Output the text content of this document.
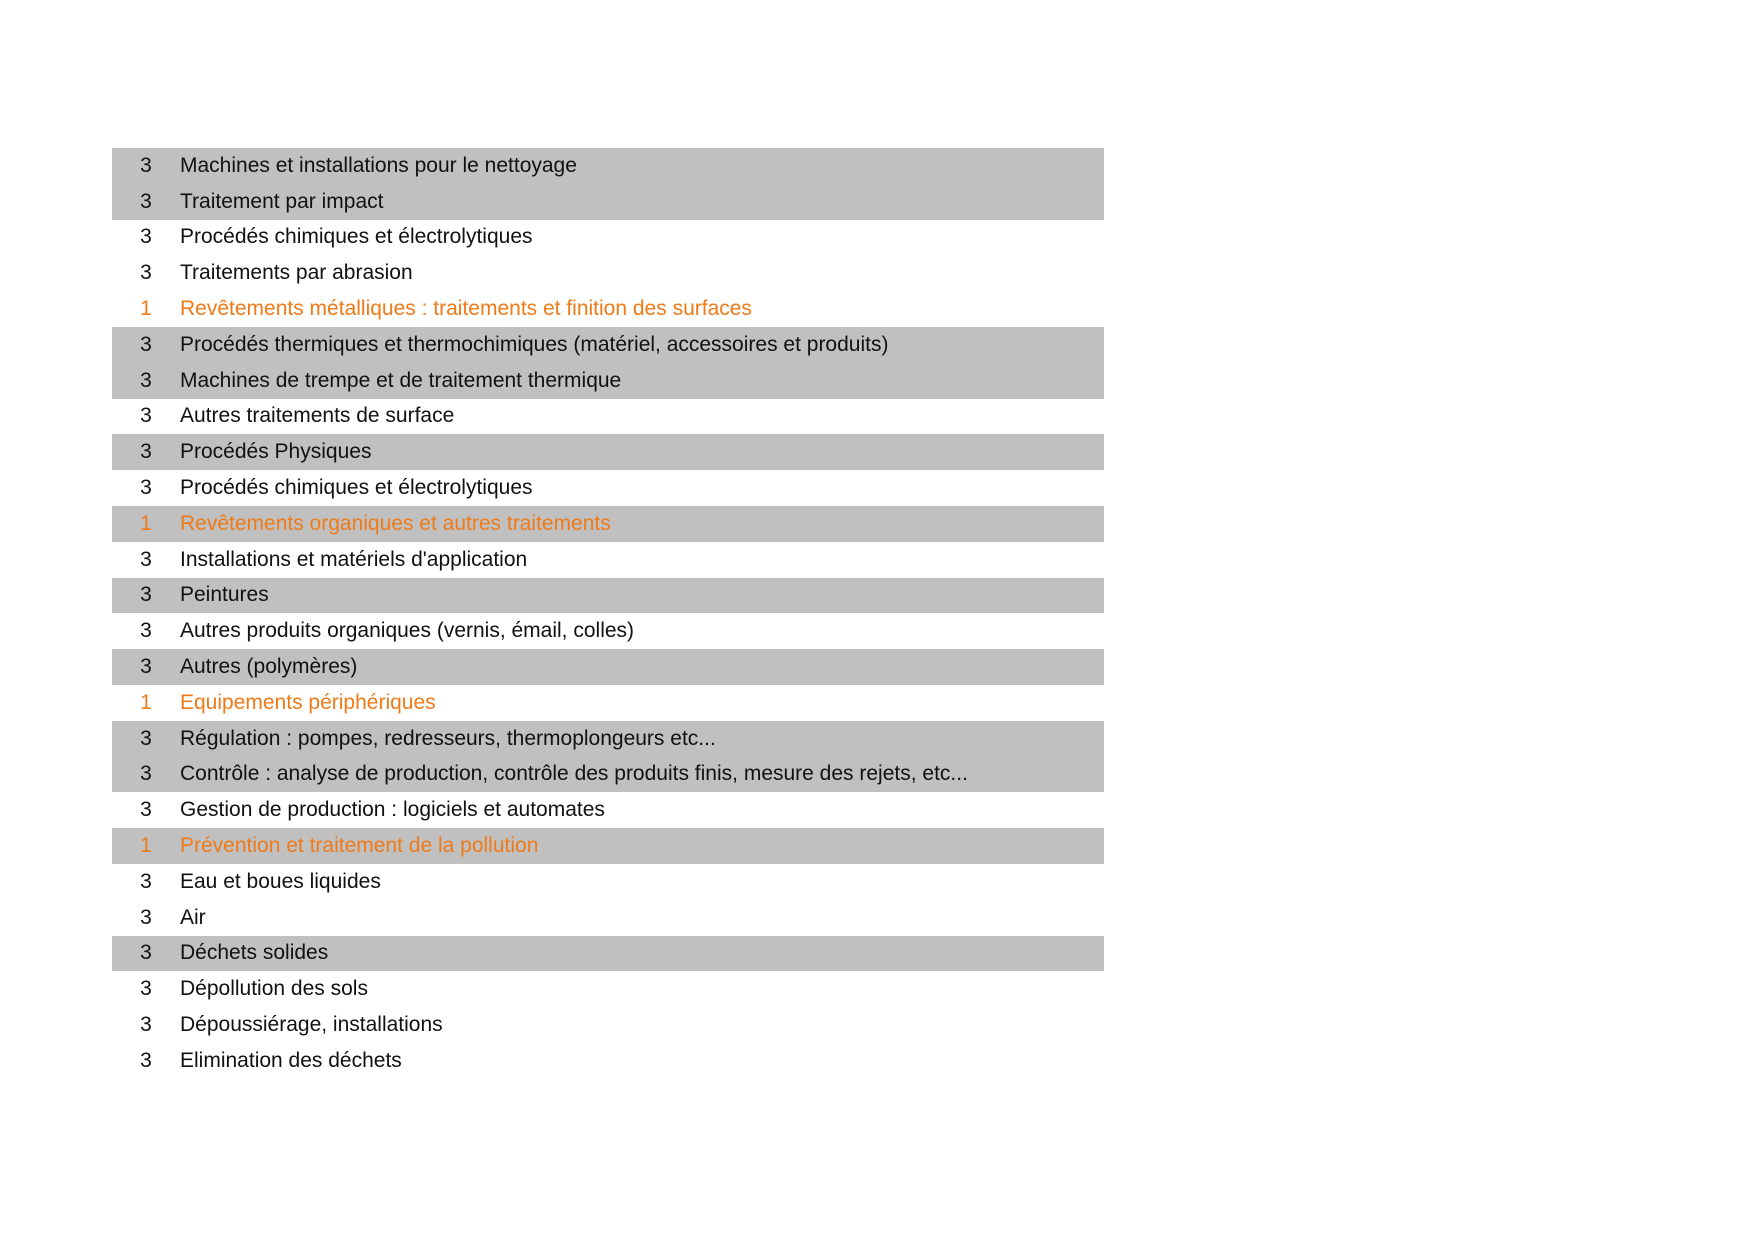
3	Machines et installations pour le nettoyage
3	Traitement par impact
3	Procédés chimiques et électrolytiques
3	Traitements par abrasion
1	Revêtements métalliques : traitements et finition des surfaces
3	Procédés thermiques et thermochimiques (matériel, accessoires et produits)
3	Machines de trempe et de traitement thermique
3	Autres traitements de surface
3	Procédés Physiques
3	Procédés chimiques et électrolytiques
1	Revêtements organiques et autres traitements
3	Installations et matériels d'application
3	Peintures
3	Autres produits organiques (vernis, émail, colles)
3	Autres (polymères)
1	Equipements périphériques
3	Régulation : pompes, redresseurs, thermoplongeurs etc...
3	Contrôle : analyse de production, contrôle des produits finis, mesure des rejets, etc...
3	Gestion de production : logiciels et automates
1	Prévention et traitement de la pollution
3	Eau et boues liquides
3	Air
3	Déchets solides
3	Dépollution des sols
3	Dépoussiérage, installations
3	Elimination des déchets
